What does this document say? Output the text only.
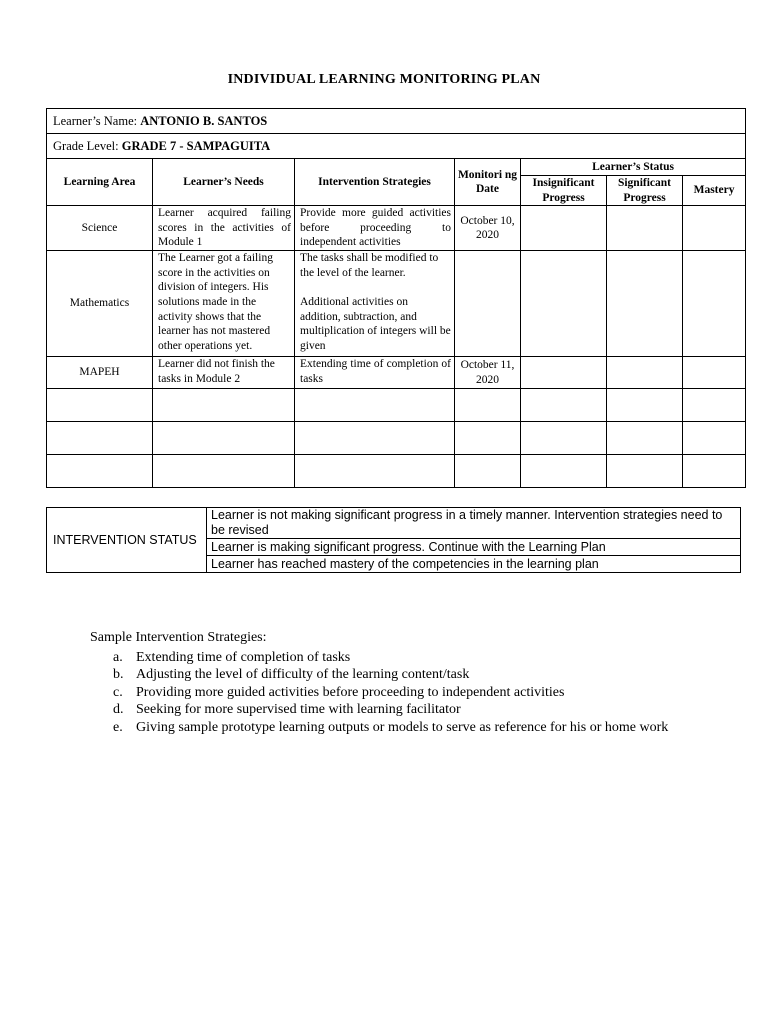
INDIVIDUAL LEARNING MONITORING PLAN
Learner’s Name: ANTONIO B. SANTOS						
Grade Level: GRADE 7 - SAMPAGUITA						
Learning Area	Learner’s Needs	Intervention Strategies	Monitori ng Date	Learner’s Status		
				Insignificant Progress	Significant Progress	Mastery
Science	Learner acquired failing scores in the activities of Module 1	Provide more guided activities before proceeding to independent activities	October 10, 2020			
Mathematics	The Learner got a failing score in the activities on division of integers. His solutions made in the activity shows that the learner has not mastered other operations yet.	The tasks shall be modified to the level of the learner.
Additional activities on addition, subtraction, and multiplication of integers will be given				

MAPEH	Learner did not finish the tasks in Module 2	Extending time of completion of tasks	October 11, 2020			

INTERVENTION STATUS	Learner is not making significant progress in a timely manner. Intervention strategies need to be revised
Learner is making significant progress. Continue with the Learning Plan
Learner has reached mastery of the competencies in the learning plan
Sample Intervention Strategies:
a. Extending time of completion of tasks
b. Adjusting the level of difficulty of the learning content/task
c. Providing more guided activities before proceeding to independent activities
d. Seeking for more supervised time with learning facilitator
e. Giving sample prototype learning outputs or models to serve as reference for his or home work
